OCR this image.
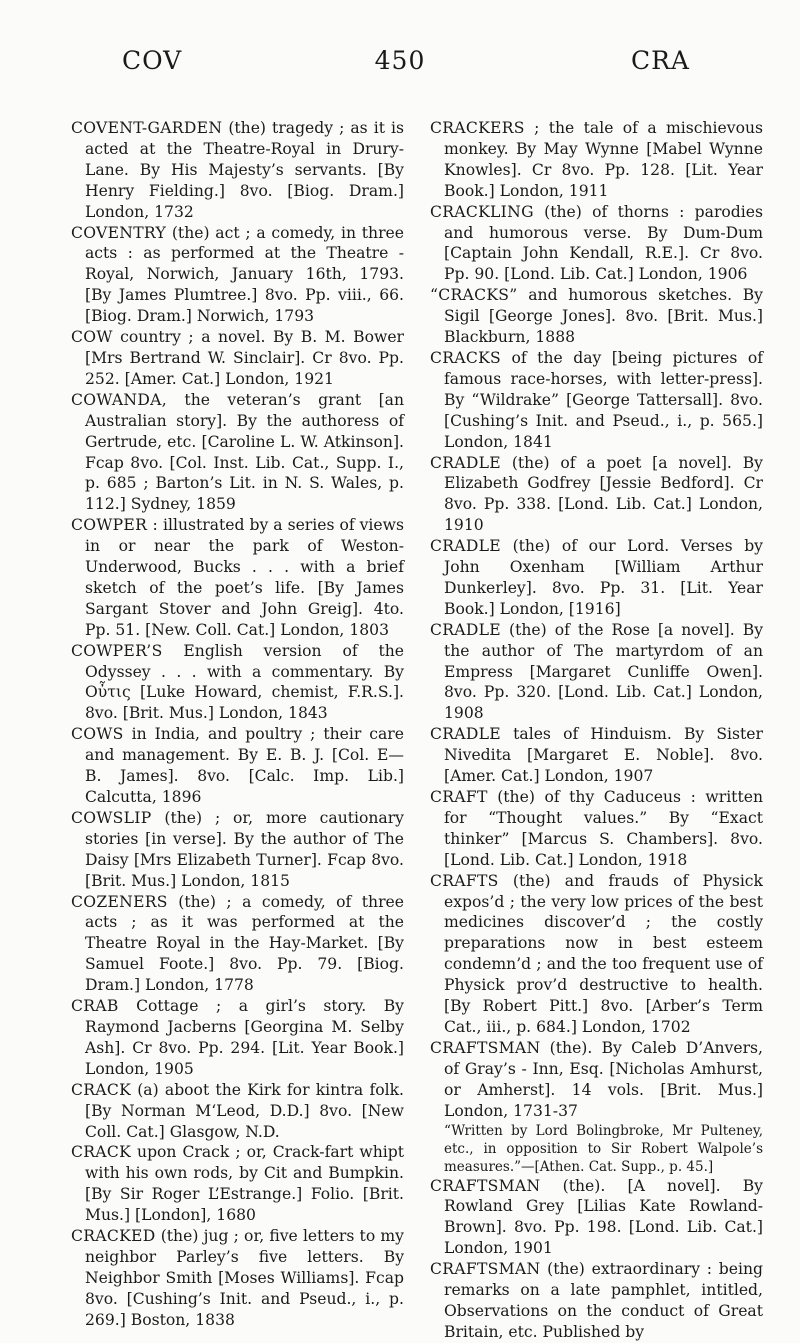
COV	450	CRA

COVENT-GARDEN (the) tragedy ; as it is acted at the Theatre-Royal in Drury-Lane. By His Majesty’s servants. [By Henry Fielding.] 8vo. [Biog. Dram.] London, 1732

COVENTRY (the) act ; a comedy, in three acts : as performed at the Theatre - Royal, Norwich, January 16th, 1793. [By James Plumtree.] 8vo. Pp. viii., 66. [Biog. Dram.] Norwich, 1793

COW country ; a novel. By B. M. Bower [Mrs Bertrand W. Sinclair]. Cr 8vo. Pp. 252. [Amer. Cat.] London, 1921

COWANDA, the veteran’s grant [an Australian story]. By the authoress of Gertrude, etc. [Caroline L. W. Atkinson]. Fcap 8vo. [Col. Inst. Lib. Cat., Supp. I., p. 685 ; Barton’s Lit. in N. S. Wales, p. 112.] Sydney, 1859

COWPER : illustrated by a series of views in or near the park of Weston-Underwood, Bucks . . . with a brief sketch of the poet’s life. [By James Sargant Stover and John Greig]. 4to. Pp. 51. [New. Coll. Cat.] London, 1803

COWPER’S English version of the Odyssey . . . with a commentary. By Οὖτις [Luke Howard, chemist, F.R.S.]. 8vo. [Brit. Mus.] London, 1843

COWS in India, and poultry ; their care and management. By E. B. J. [Col. E— B. James]. 8vo. [Calc. Imp. Lib.] Calcutta, 1896

COWSLIP (the) ; or, more cautionary stories [in verse]. By the author of The Daisy [Mrs Elizabeth Turner]. Fcap 8vo. [Brit. Mus.] London, 1815

COZENERS (the) ; a comedy, of three acts ; as it was performed at the Theatre Royal in the Hay-Market. [By Samuel Foote.] 8vo. Pp. 79. [Biog. Dram.] London, 1778

CRAB Cottage ; a girl’s story. By Raymond Jacberns [Georgina M. Selby Ash]. Cr 8vo. Pp. 294. [Lit. Year Book.] London, 1905

CRACK (a) aboot the Kirk for kintra folk. [By Norman M‘Leod, D.D.] 8vo. [New Coll. Cat.] Glasgow, N.D.

CRACK upon Crack ; or, Crack-fart whipt with his own rods, by Cit and Bumpkin. [By Sir Roger L’Estrange.] Folio. [Brit. Mus.] [London], 1680

CRACKED (the) jug ; or, five letters to my neighbor Parley’s five letters. By Neighbor Smith [Moses Williams]. Fcap 8vo. [Cushing’s Init. and Pseud., i., p. 269.] Boston, 1838

CRACKERS ; the tale of a mischievous monkey. By May Wynne [Mabel Wynne Knowles]. Cr 8vo. Pp. 128. [Lit. Year Book.] London, 1911

CRACKLING (the) of thorns : parodies and humorous verse. By Dum-Dum [Captain John Kendall, R.E.]. Cr 8vo. Pp. 90. [Lond. Lib. Cat.] London, 1906

“CRACKS” and humorous sketches. By Sigil [George Jones]. 8vo. [Brit. Mus.] Blackburn, 1888

CRACKS of the day [being pictures of famous race-horses, with letter-press]. By “Wildrake” [George Tattersall]. 8vo. [Cushing’s Init. and Pseud., i., p. 565.] London, 1841

CRADLE (the) of a poet [a novel]. By Elizabeth Godfrey [Jessie Bedford]. Cr 8vo. Pp. 338. [Lond. Lib. Cat.] London, 1910

CRADLE (the) of our Lord. Verses by John Oxenham [William Arthur Dunkerley]. 8vo. Pp. 31. [Lit. Year Book.] London, [1916]

CRADLE (the) of the Rose [a novel]. By the author of The martyrdom of an Empress [Margaret Cunliffe Owen]. 8vo. Pp. 320. [Lond. Lib. Cat.] London, 1908

CRADLE tales of Hinduism. By Sister Nivedita [Margaret E. Noble]. 8vo. [Amer. Cat.] London, 1907

CRAFT (the) of thy Caduceus : written for “Thought values.” By “Exact thinker” [Marcus S. Chambers]. 8vo. [Lond. Lib. Cat.] London, 1918

CRAFTS (the) and frauds of Physick expos’d ; the very low prices of the best medicines discover’d ; the costly preparations now in best esteem condemn’d ; and the too frequent use of Physick prov’d destructive to health. [By Robert Pitt.] 8vo. [Arber’s Term Cat., iii., p. 684.] London, 1702

CRAFTSMAN (the). By Caleb D’Anvers, of Gray’s - Inn, Esq. [Nicholas Amhurst, or Amherst]. 14 vols. [Brit. Mus.] London, 1731-37

“Written by Lord Bolingbroke, Mr Pulteney, etc., in opposition to Sir Robert Walpole’s measures.”—[Athen. Cat. Supp., p. 45.]

CRAFTSMAN (the). [A novel]. By Rowland Grey [Lilias Kate Rowland-Brown]. 8vo. Pp. 198. [Lond. Lib. Cat.] London, 1901

CRAFTSMAN (the) extraordinary : being remarks on a late pamphlet, intitled, Observations on the conduct of Great Britain, etc. Published by
